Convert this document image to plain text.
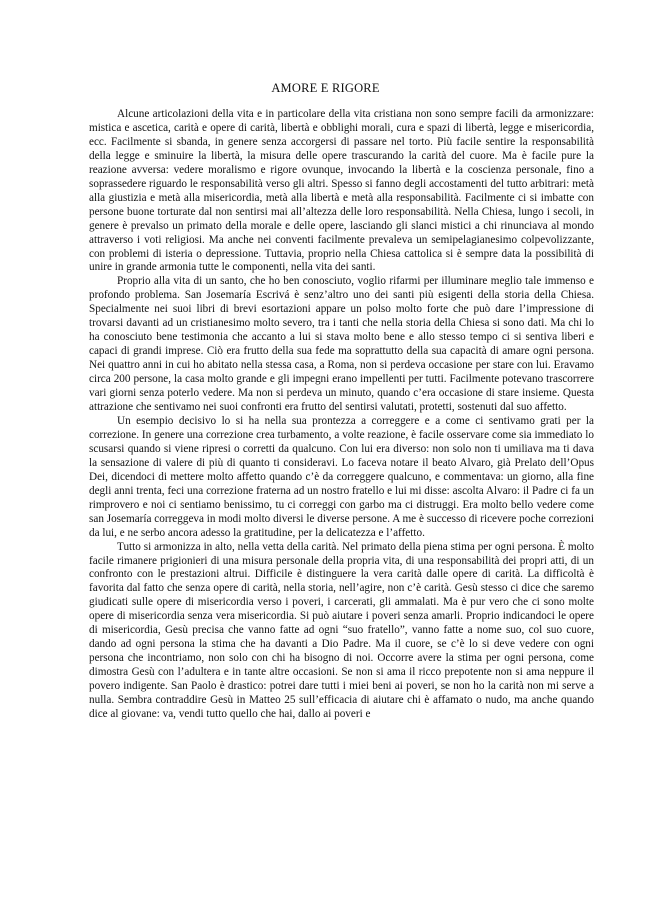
AMORE E RIGORE

Alcune articolazioni della vita e in particolare della vita cristiana non sono sempre facili da armonizzare: mistica e ascetica, carità e opere di carità, libertà e obblighi morali, cura e spazi di libertà, legge e misericordia, ecc. Facilmente si sbanda, in genere senza accorgersi di passare nel torto. Più facile sentire la responsabilità della legge e sminuire la libertà, la misura delle opere trascurando la carità del cuore. Ma è facile pure la reazione avversa: vedere moralismo e rigore ovunque, invocando la libertà e la coscienza personale, fino a soprassedere riguardo le responsabilità verso gli altri. Spesso si fanno degli accostamenti del tutto arbitrari: metà alla giustizia e metà alla misericordia, metà alla libertà e metà alla responsabilità. Facilmente ci si imbatte con persone buone torturate dal non sentirsi mai all’altezza delle loro responsabilità. Nella Chiesa, lungo i secoli, in genere è prevalso un primato della morale e delle opere, lasciando gli slanci mistici a chi rinunciava al mondo attraverso i voti religiosi. Ma anche nei conventi facilmente prevaleva un semipelagianesimo colpevolizzante, con problemi di isteria o depressione. Tuttavia, proprio nella Chiesa cattolica si è sempre data la possibilità di unire in grande armonia tutte le componenti, nella vita dei santi.

Proprio alla vita di un santo, che ho ben conosciuto, voglio rifarmi per illuminare meglio tale immenso e profondo problema. San Josemaría Escrivá è senz’altro uno dei santi più esigenti della storia della Chiesa. Specialmente nei suoi libri di brevi esortazioni appare un polso molto forte che può dare l’impressione di trovarsi davanti ad un cristianesimo molto severo, tra i tanti che nella storia della Chiesa si sono dati. Ma chi lo ha conosciuto bene testimonia che accanto a lui si stava molto bene e allo stesso tempo ci si sentiva liberi e capaci di grandi imprese. Ciò era frutto della sua fede ma soprattutto della sua capacità di amare ogni persona. Nei quattro anni in cui ho abitato nella stessa casa, a Roma, non si perdeva occasione per stare con lui. Eravamo circa 200 persone, la casa molto grande e gli impegni erano impellenti per tutti. Facilmente potevano trascorrere vari giorni senza poterlo vedere. Ma non si perdeva un minuto, quando c’era occasione di stare insieme. Questa attrazione che sentivamo nei suoi confronti era frutto del sentirsi valutati, protetti, sostenuti dal suo affetto.

Un esempio decisivo lo si ha nella sua prontezza a correggere e a come ci sentivamo grati per la correzione. In genere una correzione crea turbamento, a volte reazione, è facile osservare come sia immediato lo scusarsi quando si viene ripresi o corretti da qualcuno. Con lui era diverso: non solo non ti umiliava ma ti dava la sensazione di valere di più di quanto ti consideravi. Lo faceva notare il beato Alvaro, già Prelato dell’Opus Dei, dicendoci di mettere molto affetto quando c’è da correggere qualcuno, e commentava: un giorno, alla fine degli anni trenta, feci una correzione fraterna ad un nostro fratello e lui mi disse: ascolta Alvaro: il Padre ci fa un rimprovero e noi ci sentiamo benissimo, tu ci correggi con garbo ma ci distruggi. Era molto bello vedere come san Josemaría correggeva in modi molto diversi le diverse persone. A me è successo di ricevere poche correzioni da lui, e ne serbo ancora adesso la gratitudine, per la delicatezza e l’affetto.

Tutto si armonizza in alto, nella vetta della carità. Nel primato della piena stima per ogni persona. È molto facile rimanere prigionieri di una misura personale della propria vita, di una responsabilità dei propri atti, di un confronto con le prestazioni altrui. Difficile è distinguere la vera carità dalle opere di carità. La difficoltà è favorita dal fatto che senza opere di carità, nella storia, nell’agire, non c’è carità. Gesù stesso ci dice che saremo giudicati sulle opere di misericordia verso i poveri, i carcerati, gli ammalati. Ma è pur vero che ci sono molte opere di misericordia senza vera misericordia. Si può aiutare i poveri senza amarli. Proprio indicandoci le opere di misericordia, Gesù precisa che vanno fatte ad ogni “suo fratello”, vanno fatte a nome suo, col suo cuore, dando ad ogni persona la stima che ha davanti a Dio Padre. Ma il cuore, se c’è lo si deve vedere con ogni persona che incontriamo, non solo con chi ha bisogno di noi. Occorre avere la stima per ogni persona, come dimostra Gesù con l’adultera e in tante altre occasioni. Se non si ama il ricco prepotente non si ama neppure il povero indigente. San Paolo è drastico: potrei dare tutti i miei beni ai poveri, se non ho la carità non mi serve a nulla. Sembra contraddire Gesù in Matteo 25 sull’efficacia di aiutare chi è affamato o nudo, ma anche quando dice al giovane: va, vendi tutto quello che hai, dallo ai poveri e
